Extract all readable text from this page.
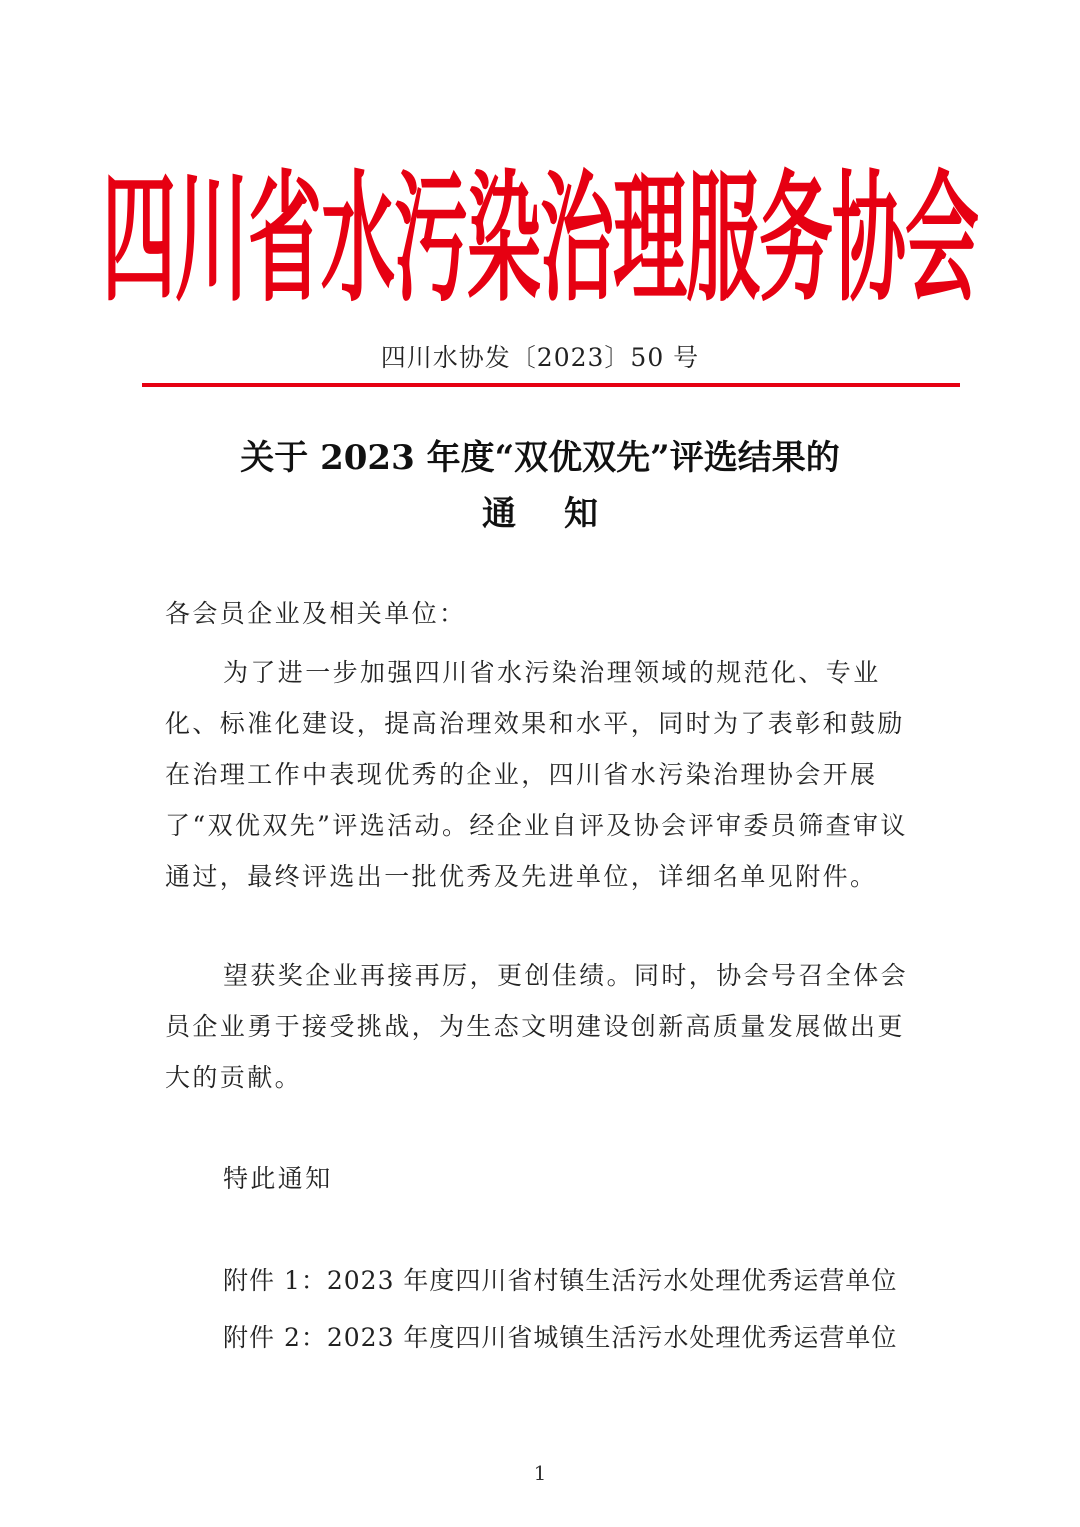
四川省水污染治理服务协会
四川水协发〔2023〕50 号
关于 2023 年度“双优双先”评选结果的
通知
各会员企业及相关单位：
为了进一步加强四川省水污染治理领域的规范化、专业化、标准化建设，提高治理效果和水平，同时为了表彰和鼓励在治理工作中表现优秀的企业，四川省水污染治理协会开展了“双优双先”评选活动。经企业自评及协会评审委员筛查审议通过，最终评选出一批优秀及先进单位，详细名单见附件。
望获奖企业再接再厉，更创佳绩。同时，协会号召全体会员企业勇于接受挑战，为生态文明建设创新高质量发展做出更大的贡献。
特此通知
附件 1：2023 年度四川省村镇生活污水处理优秀运营单位
附件 2：2023 年度四川省城镇生活污水处理优秀运营单位
1
